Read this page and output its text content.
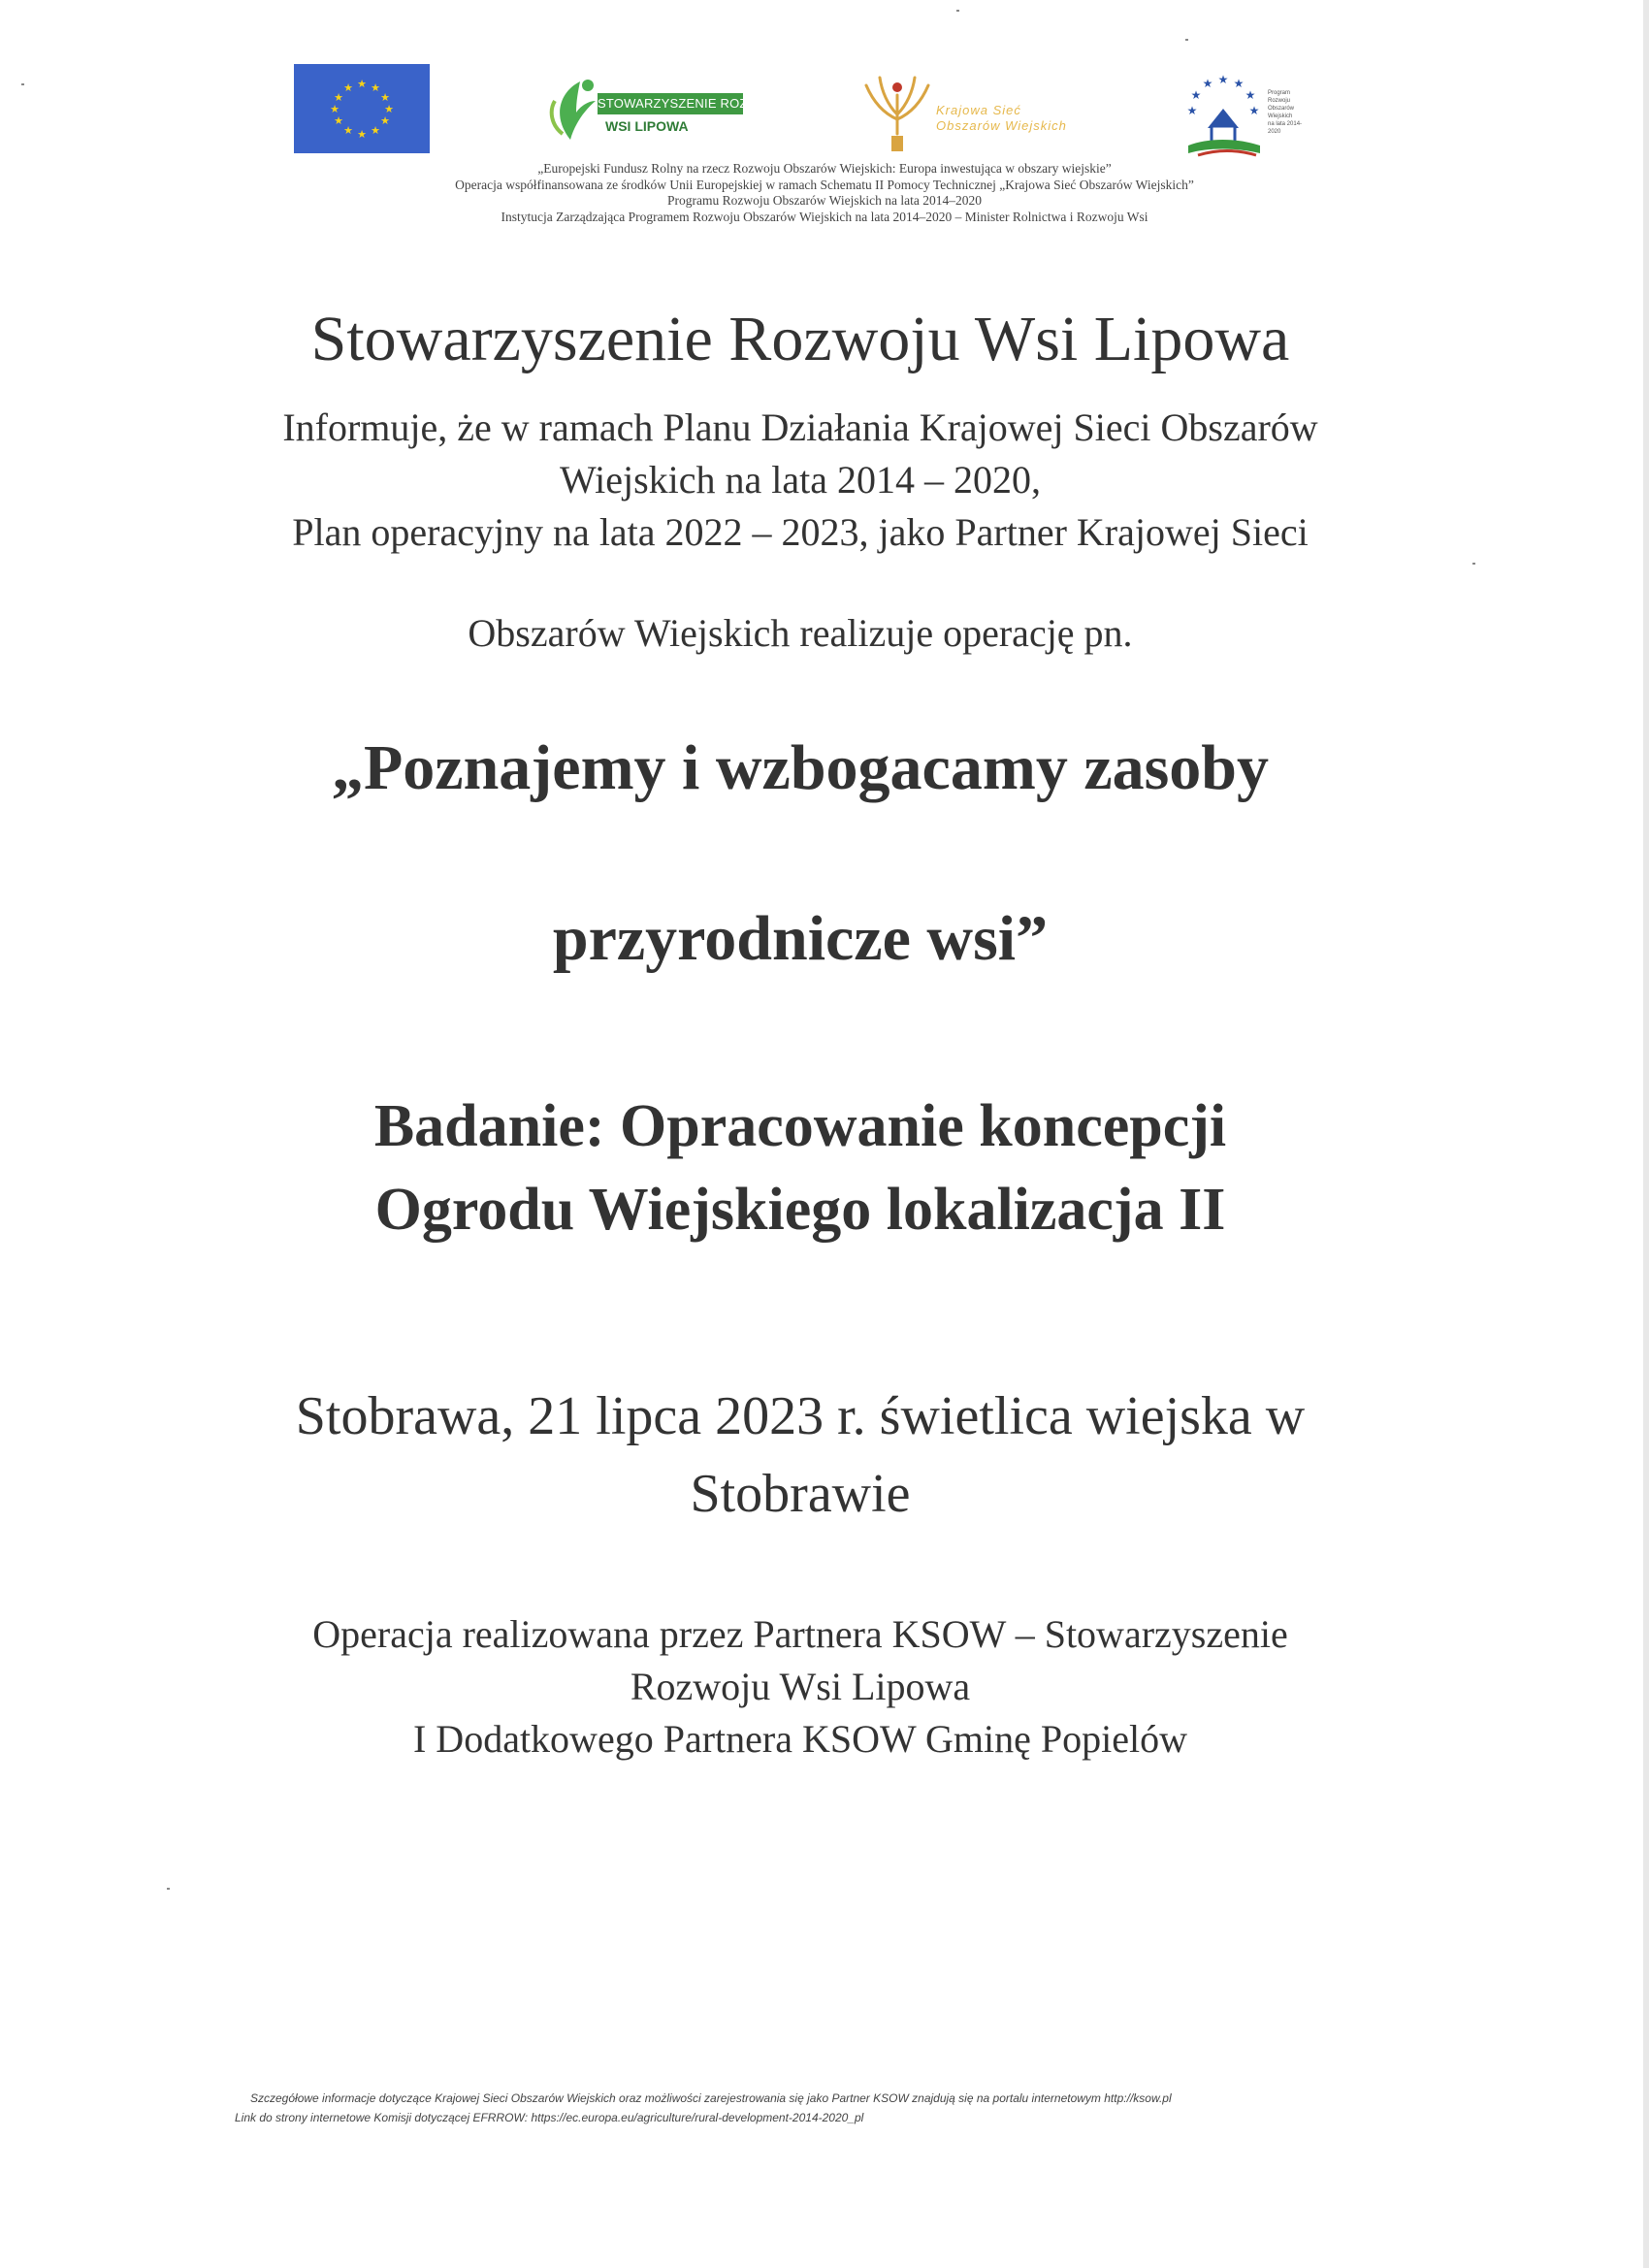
★ ★
★
★
★
★
★
★
★
★
★
★
STOWARZYSZENIE ROZWOJU
WSI LIPOWA
Krajowa Sieć
Obszarów Wiejskich
★ ★
★
★
★
★	★
Program
Rozwoju
Obszarów
Wiejskich
na lata 2014-2020
„Europejski Fundusz Rolny na rzecz Rozwoju Obszarów Wiejskich: Europa inwestująca w obszary wiejskie”
Operacja współfinansowana ze środków Unii Europejskiej w ramach Schematu II Pomocy Technicznej „Krajowa Sieć Obszarów Wiejskich”
Programu Rozwoju Obszarów Wiejskich na lata 2014–2020
Instytucja Zarządzająca Programem Rozwoju Obszarów Wiejskich na lata 2014–2020 – Minister Rolnictwa i Rozwoju Wsi
Stowarzyszenie Rozwoju Wsi Lipowa
Informuje, że w ramach Planu Działania Krajowej Sieci Obszarów
Wiejskich na lata 2014 – 2020,
Plan operacyjny na lata 2022 – 2023, jako Partner Krajowej Sieci
Obszarów Wiejskich realizuje operację pn.
„Poznajemy i wzbogacamy zasoby
przyrodnicze wsi”
Badanie: Opracowanie koncepcji
Ogrodu Wiejskiego lokalizacja II
Stobrawa, 21 lipca 2023 r. świetlica wiejska w
Stobrawie
Operacja realizowana przez Partnera KSOW – Stowarzyszenie
Rozwoju Wsi Lipowa
I Dodatkowego Partnera KSOW Gminę Popielów
Szczegółowe informacje dotyczące Krajowej Sieci Obszarów Wiejskich oraz możliwości zarejestrowania się jako Partner KSOW znajdują się na portalu internetowym http://ksow.pl
Link do strony internetowe Komisji dotyczącej EFRROW: https://ec.europa.eu/agriculture/rural-development-2014-2020_pl
